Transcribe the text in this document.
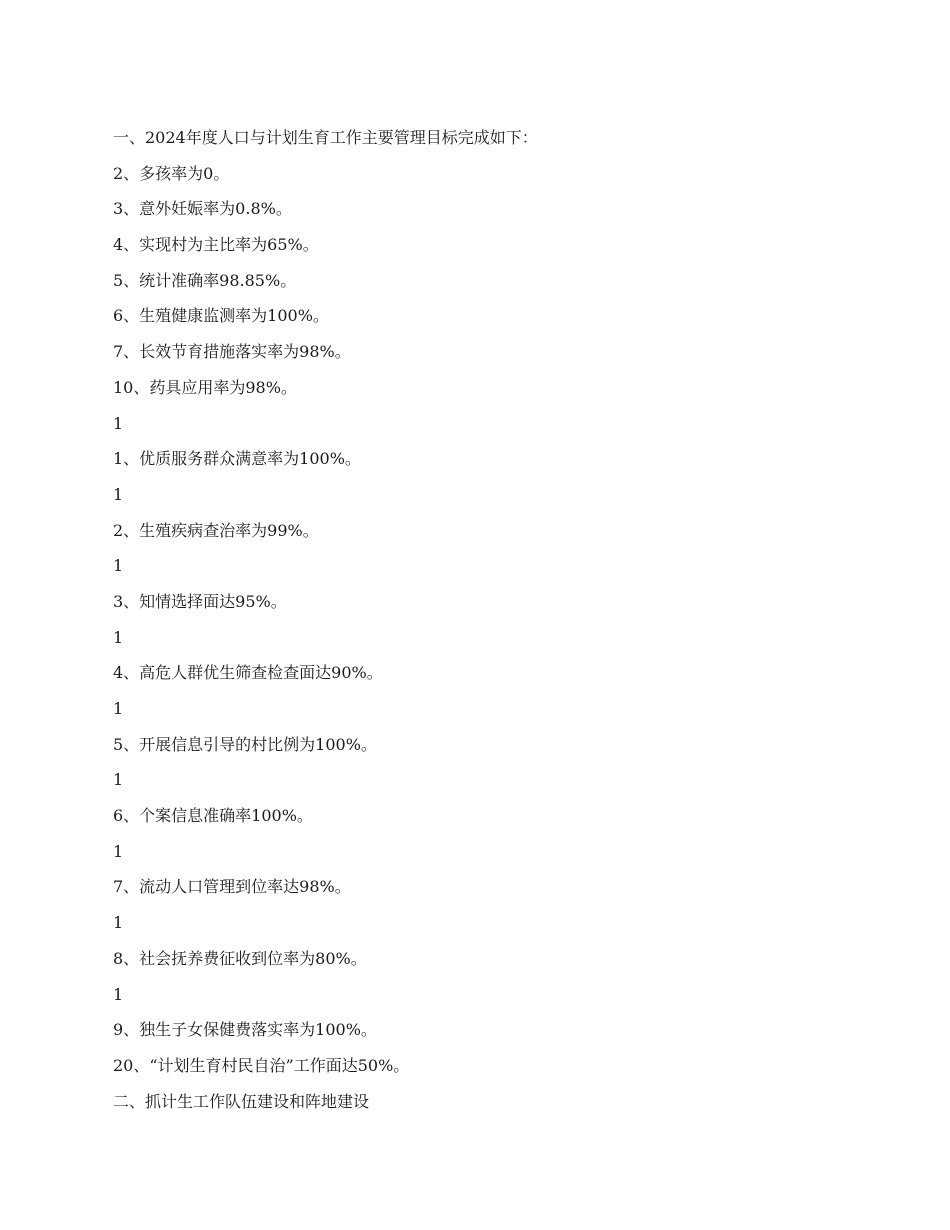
一、2024年度人口与计划生育工作主要管理目标完成如下：
2、多孩率为0。
3、意外妊娠率为0.8%。
4、实现村为主比率为65%。
5、统计准确率98.85%。
6、生殖健康监测率为100%。
7、长效节育措施落实率为98%。
10、药具应用率为98%。
1
1、优质服务群众满意率为100%。
1
2、生殖疾病查治率为99%。
1
3、知情选择面达95%。
1
4、高危人群优生筛查检查面达90%。
1
5、开展信息引导的村比例为100%。
1
6、个案信息准确率100%。
1
7、流动人口管理到位率达98%。
1
8、社会抚养费征收到位率为80%。
1
9、独生子女保健费落实率为100%。
20、“计划生育村民自治”工作面达50%。
二、抓计生工作队伍建设和阵地建设
